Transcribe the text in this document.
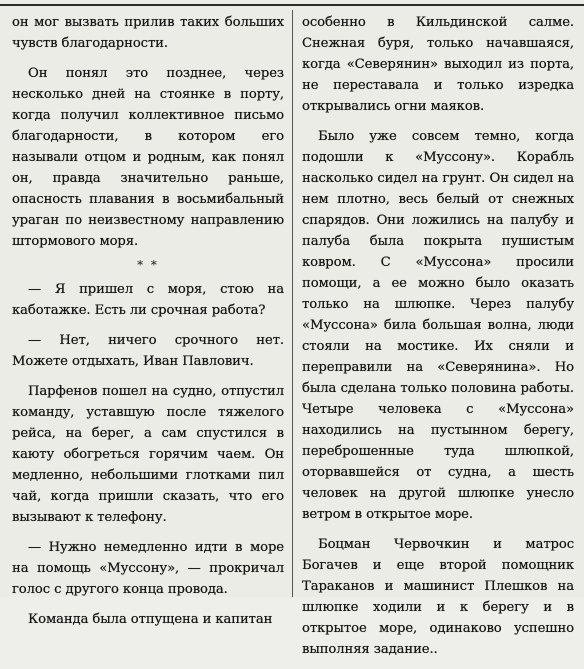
он мог вызвать прилив таких больших чувств благодарности.

Он понял это позднее, через несколько дней на стоянке в порту, когда получил коллективное письмо благодарности, в котором его называли отцом и родным, как понял он, правда значительно раньше, опасность плавания в восьмибальный ураган по неизвестному направлению штормового моря.

* *

— Я пришел с моря, стою на каботажке. Есть ли срочная работа?

— Нет, ничего срочного нет. Можете отдыхать, Иван Павлович.

Парфенов пошел на судно, отпустил команду, уставшую после тяжелого рейса, на берег, а сам спустился в каюту обогреться горячим чаем. Он медленно, небольшими глотками пил чай, когда пришли сказать, что его вызывают к телефону.

— Нужно немедленно идти в море на помощь «Муссону», — прокричал голос с другого конца провода.

Команда была отпущена и капитан

особенно в Кильдинской салме. Снежная буря, только начавшаяся, когда «Северянин» выходил из порта, не переставала и только изредка открывались огни маяков.

Было уже совсем темно, когда подошли к «Муссону». Корабль насколько сидел на грунт. Он сидел на нем плотно, весь белый от снежных спарядов. Они ложились на палубу и палуба была покрыта пушистым ковром. С «Муссона» просили помощи, а ее можно было оказать только на шлюпке. Через палубу «Муссона» била большая волна, люди стояли на мостике. Их сняли и переправили на «Северянина». Но была сделана только половина работы. Четыре человека с «Муссона» находились на пустынном берегу, переброшенные туда шлюпкой, оторвавшейся от судна, а шесть человек на другой шлюпке унесло ветром в открытое море.

Боцман Червочкин и матрос Богачев и еще второй помощник Тараканов и машинист Плешков на шлюпке ходили и к берегу и в открытое море, одинаково успешно выполняя задание..
